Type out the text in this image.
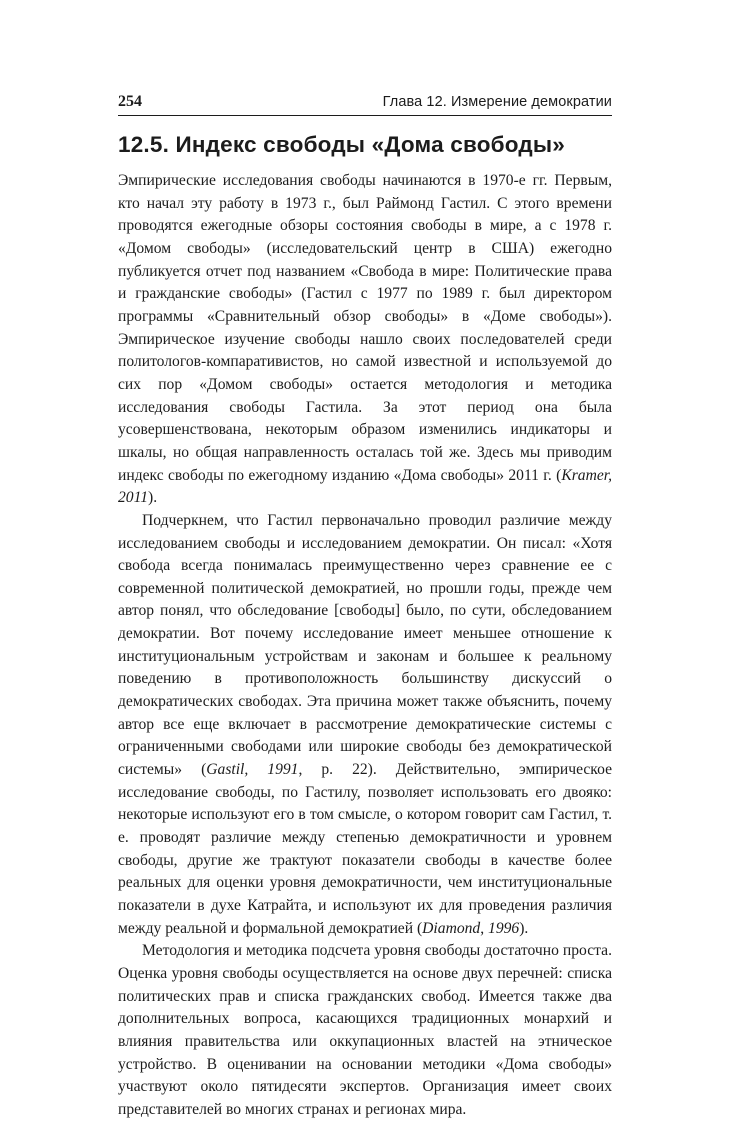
254	Глава 12. Измерение демократии
12.5. Индекс свободы «Дома свободы»

Эмпирические исследования свободы начинаются в 1970-е гг. Первым, кто начал эту работу в 1973 г., был Раймонд Гастил. С этого времени проводятся ежегодные обзоры состояния свободы в мире, а с 1978 г. «Домом свободы» (исследовательский центр в США) ежегодно публикуется отчет под названием «Свобода в мире: Политические права и гражданские свободы» (Гастил с 1977 по 1989 г. был директором программы «Сравнительный обзор свободы» в «Доме свободы»). Эмпирическое изучение свободы нашло своих последователей среди политологов-компаративистов, но самой известной и используемой до сих пор «Домом свободы» остается методология и методика исследования свободы Гастила. За этот период она была усовершенствована, некоторым образом изменились индикаторы и шкалы, но общая направленность осталась той же. Здесь мы приводим индекс свободы по ежегодному изданию «Дома свободы» 2011 г. (Kramer, 2011).

Подчеркнем, что Гастил первоначально проводил различие между исследованием свободы и исследованием демократии. Он писал: «Хотя свобода всегда понималась преимущественно через сравнение ее с современной политической демократией, но прошли годы, прежде чем автор понял, что обследование [свободы] было, по сути, обследованием демократии. Вот почему исследование имеет меньшее отношение к институциональным устройствам и законам и большее к реальному поведению в противоположность большинству дискуссий о демократических свободах. Эта причина может также объяснить, почему автор все еще включает в рассмотрение демократические системы с ограниченными свободами или широкие свободы без демократической системы» (Gastil, 1991, p. 22). Действительно, эмпирическое исследование свободы, по Гастилу, позволяет использовать его двояко: некоторые используют его в том смысле, о котором говорит сам Гастил, т. е. проводят различие между степенью демократичности и уровнем свободы, другие же трактуют показатели свободы в качестве более реальных для оценки уровня демократичности, чем институциональные показатели в духе Катрайта, и используют их для проведения различия между реальной и формальной демократией (Diamond, 1996).

Методология и методика подсчета уровня свободы достаточно проста. Оценка уровня свободы осуществляется на основе двух перечней: списка политических прав и списка гражданских свобод. Имеется также два дополнительных вопроса, касающихся традиционных монархий и влияния правительства или оккупационных властей на этническое устройство. В оценивании на основании методики «Дома свободы» участвуют около пятидесяти экспертов. Организация имеет своих представителей во многих странах и регионах мира.
